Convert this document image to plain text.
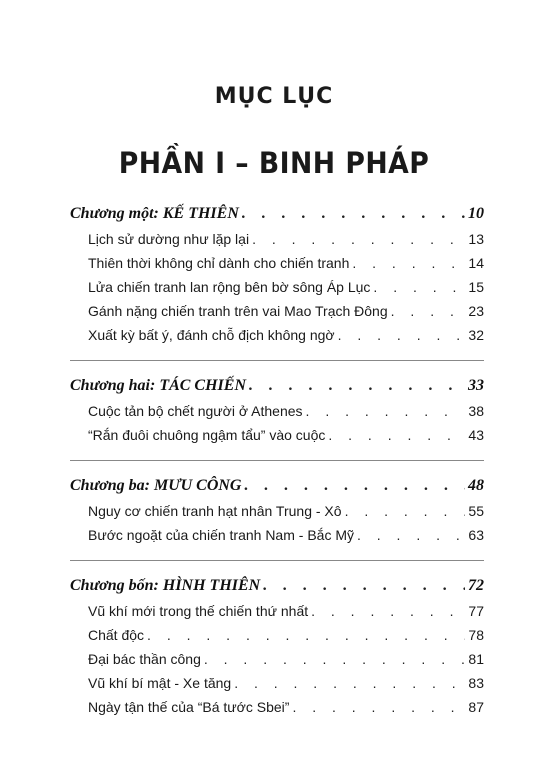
MỤC LỤC
PHẦN I – BINH PHÁP
Chương một: KẾ THIÊN . . .	10
Lịch sử dường như lặp lại . . .	13
Thiên thời không chỉ dành cho chiến tranh . . .	14
Lửa chiến tranh lan rộng bên bờ sông Áp Lục . . .	15
Gánh nặng chiến tranh trên vai Mao Trạch Đông . . .	23
Xuất kỳ bất ý, đánh chỗ địch không ngờ . . .	32
Chương hai: TÁC CHIẾN . . .	33
Cuộc tản bộ chết người ở Athenes . . .	38
“Rắn đuôi chuông ngậm tẩu” vào cuộc . . .	43
Chương ba: MƯU CÔNG . . .	48
Nguy cơ chiến tranh hạt nhân Trung - Xô . . .	55
Bước ngoặt của chiến tranh Nam - Bắc Mỹ . . .	63
Chương bốn: HÌNH THIÊN . . .	72
Vũ khí mới trong thế chiến thứ nhất . . .	77
Chất độc . . .	78
Đại bác thần công . . .	81
Vũ khí bí mật - Xe tăng . . .	83
Ngày tận thế của “Bá tước Sbei” . . .	87
